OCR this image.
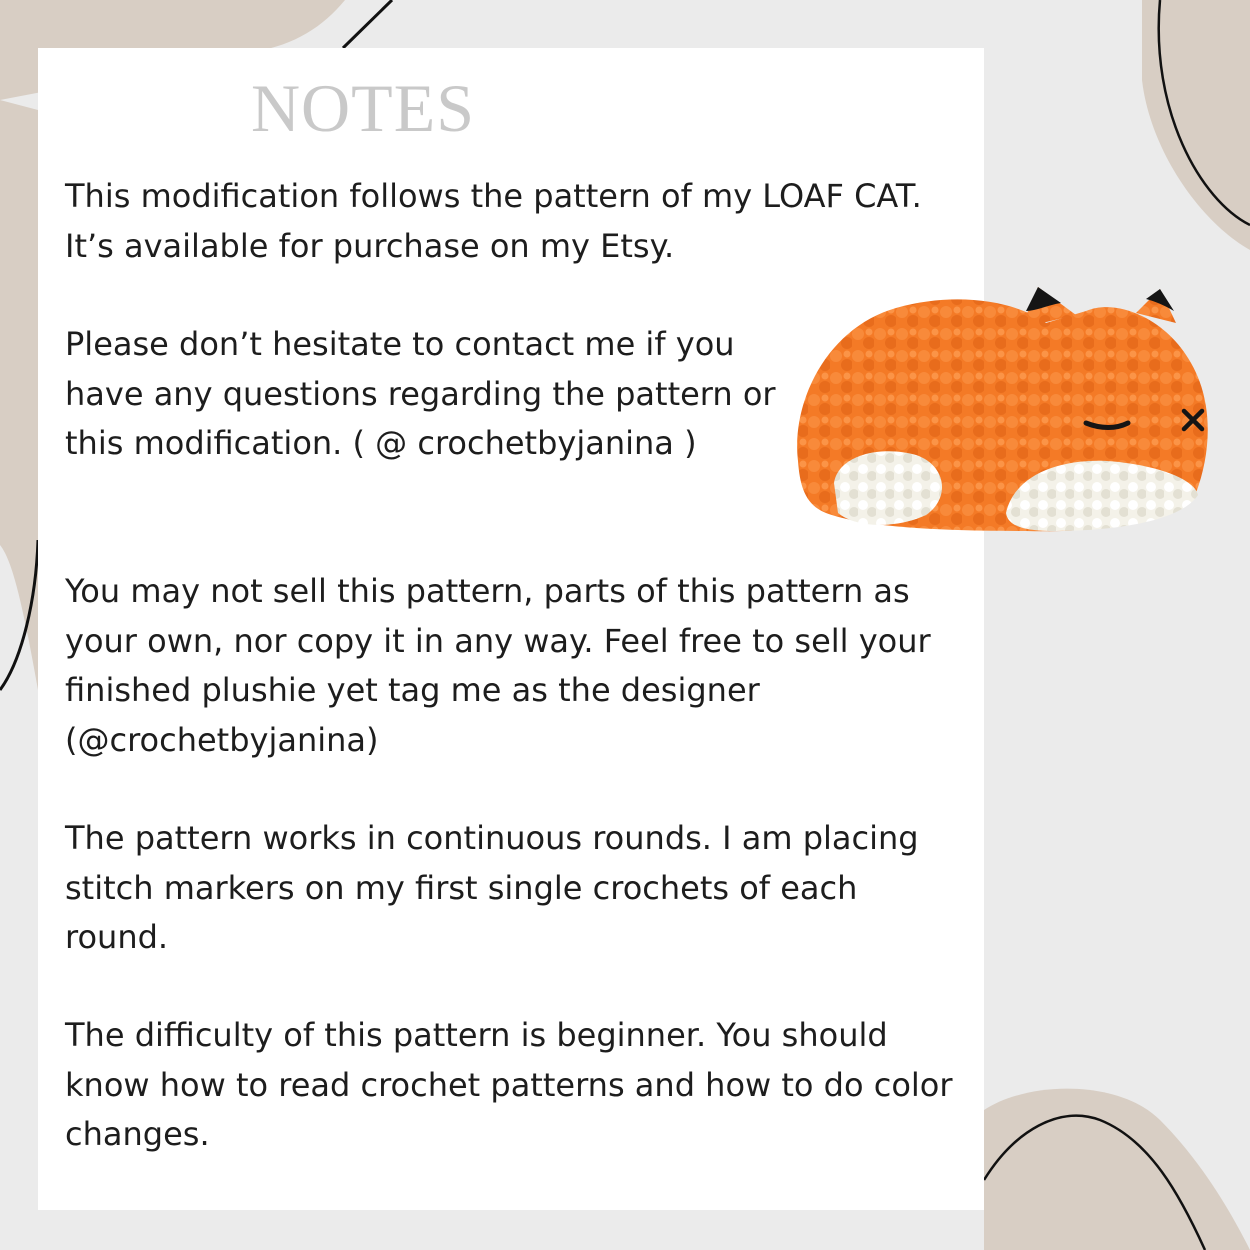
NOTES

This modification follows the pattern of my LOAF CAT. It’s available for purchase on my Etsy.

Please don’t hesitate to contact me if you have any questions regarding the pattern or this modification. ( @ crochetbyjanina )

You may not sell this pattern, parts of this pattern as your own, nor copy it in any way. Feel free to sell your finished plushie yet tag me as the designer (@crochetbyjanina)

The pattern works in continuous rounds. I am placing stitch markers on my first single crochets of each round.

The difficulty of this pattern is beginner. You should know how to read crochet patterns and how to do color changes.
